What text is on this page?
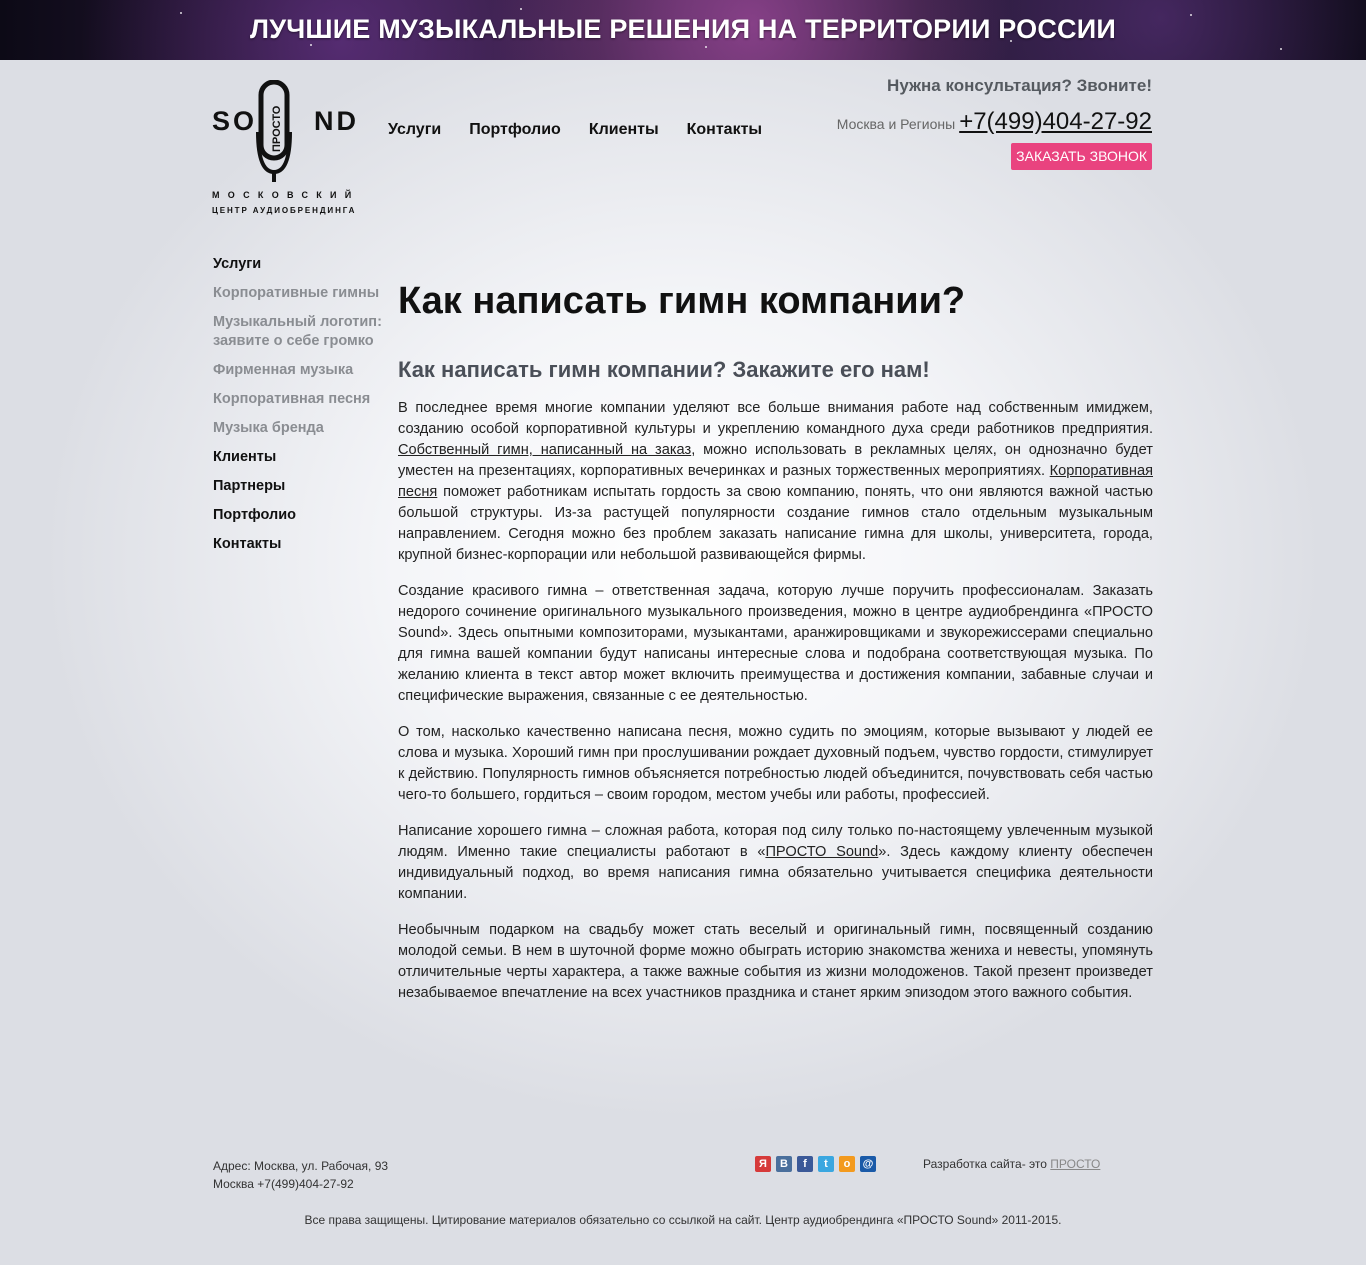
ЛУЧШИЕ МУЗЫКАЛЬНЫЕ РЕШЕНИЯ НА ТЕРРИТОРИИ РОССИИ
SO ПРОСТО ND
МОСКОВСКИЙ
ЦЕНТР АУДИОБРЕНДИНГА
Услуги Портфолио Клиенты Контакты
Нужна консультация? Звоните!
Москва и Регионы +7(499)404-27-92
ЗАКАЗАТЬ ЗВОНОК
Услуги
Корпоративные гимны
Музыкальный логотип: заявите о себе громко
Фирменная музыка
Корпоративная песня
Музыка бренда
Клиенты
Партнеры
Портфолио
Контакты
Как написать гимн компании?
Как написать гимн компании? Закажите его нам!

В последнее время многие компании уделяют все больше внимания работе над собственным имиджем, созданию особой корпоративной культуры и укреплению командного духа среди работников предприятия. Собственный гимн, написанный на заказ, можно использовать в рекламных целях, он однозначно будет уместен на презентациях, корпоративных вечеринках и разных торжественных мероприятиях. Корпоративная песня поможет работникам испытать гордость за свою компанию, понять, что они являются важной частью большой структуры. Из-за растущей популярности создание гимнов стало отдельным музыкальным направлением. Сегодня можно без проблем заказать написание гимна для школы, университета, города, крупной бизнес-корпорации или небольшой развивающейся фирмы.

Создание красивого гимна – ответственная задача, которую лучше поручить профессионалам. Заказать недорого сочинение оригинального музыкального произведения, можно в центре аудиобрендинга «ПРОСТО Sound». Здесь опытными композиторами, музыкантами, аранжировщиками и звукорежиссерами специально для гимна вашей компании будут написаны интересные слова и подобрана соответствующая музыка. По желанию клиента в текст автор может включить преимущества и достижения компании, забавные случаи и специфические выражения, связанные с ее деятельностью.

О том, насколько качественно написана песня, можно судить по эмоциям, которые вызывают у людей ее слова и музыка. Хороший гимн при прослушивании рождает духовный подъем, чувство гордости, стимулирует к действию. Популярность гимнов объясняется потребностью людей объединится, почувствовать себя частью чего-то большего, гордиться – своим городом, местом учебы или работы, профессией.

Написание хорошего гимна – сложная работа, которая под силу только по-настоящему увлеченным музыкой людям. Именно такие специалисты работают в «ПРОСТО Sound». Здесь каждому клиенту обеспечен индивидуальный подход, во время написания гимна обязательно учитывается специфика деятельности компании.

Необычным подарком на свадьбу может стать веселый и оригинальный гимн, посвященный созданию молодой семьи. В нем в шуточной форме можно обыграть историю знакомства жениха и невесты, упомянуть отличительные черты характера, а также важные события из жизни молодоженов. Такой презент произведет незабываемое впечатление на всех участников праздника и станет ярким эпизодом этого важного события.

Адрес: Москва, ул. Рабочая, 93
Москва +7(499)404-27-92
Я	В	f	t	о	@	Разработка сайта- это ПРОСТО
Все права защищены. Цитирование материалов обязательно со ссылкой на сайт. Центр аудиобрендинга «ПРОСТО Sound» 2011-2015.
